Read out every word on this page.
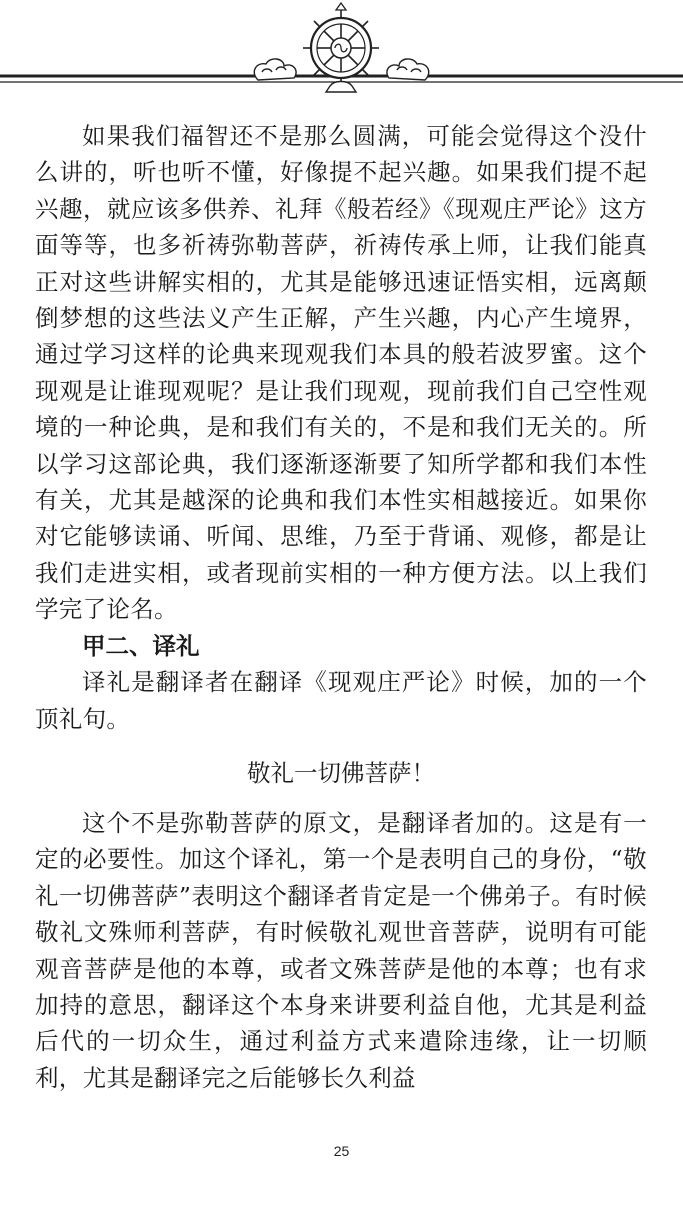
如果我们福智还不是那么圆满，可能会觉得这个没什么讲的，听也听不懂，好像提不起兴趣。如果我们提不起兴趣，就应该多供养、礼拜《般若经》《现观庄严论》这方面等等，也多祈祷弥勒菩萨，祈祷传承上师，让我们能真正对这些讲解实相的，尤其是能够迅速证悟实相，远离颠倒梦想的这些法义产生正解，产生兴趣，内心产生境界，通过学习这样的论典来现观我们本具的般若波罗蜜。这个现观是让谁现观呢？是让我们现观，现前我们自己空性观境的一种论典，是和我们有关的，不是和我们无关的。所以学习这部论典，我们逐渐逐渐要了知所学都和我们本性有关，尤其是越深的论典和我们本性实相越接近。如果你对它能够读诵、听闻、思维，乃至于背诵、观修，都是让我们走进实相，或者现前实相的一种方便方法。以上我们学完了论名。

甲二、译礼

译礼是翻译者在翻译《现观庄严论》时候，加的一个顶礼句。

敬礼一切佛菩萨！

这个不是弥勒菩萨的原文，是翻译者加的。这是有一定的必要性。加这个译礼，第一个是表明自己的身份，“敬礼一切佛菩萨”表明这个翻译者肯定是一个佛弟子。有时候敬礼文殊师利菩萨，有时候敬礼观世音菩萨，说明有可能观音菩萨是他的本尊，或者文殊菩萨是他的本尊；也有求加持的意思，翻译这个本身来讲要利益自他，尤其是利益后代的一切众生，通过利益方式来遣除违缘，让一切顺利，尤其是翻译完之后能够长久利益

25
